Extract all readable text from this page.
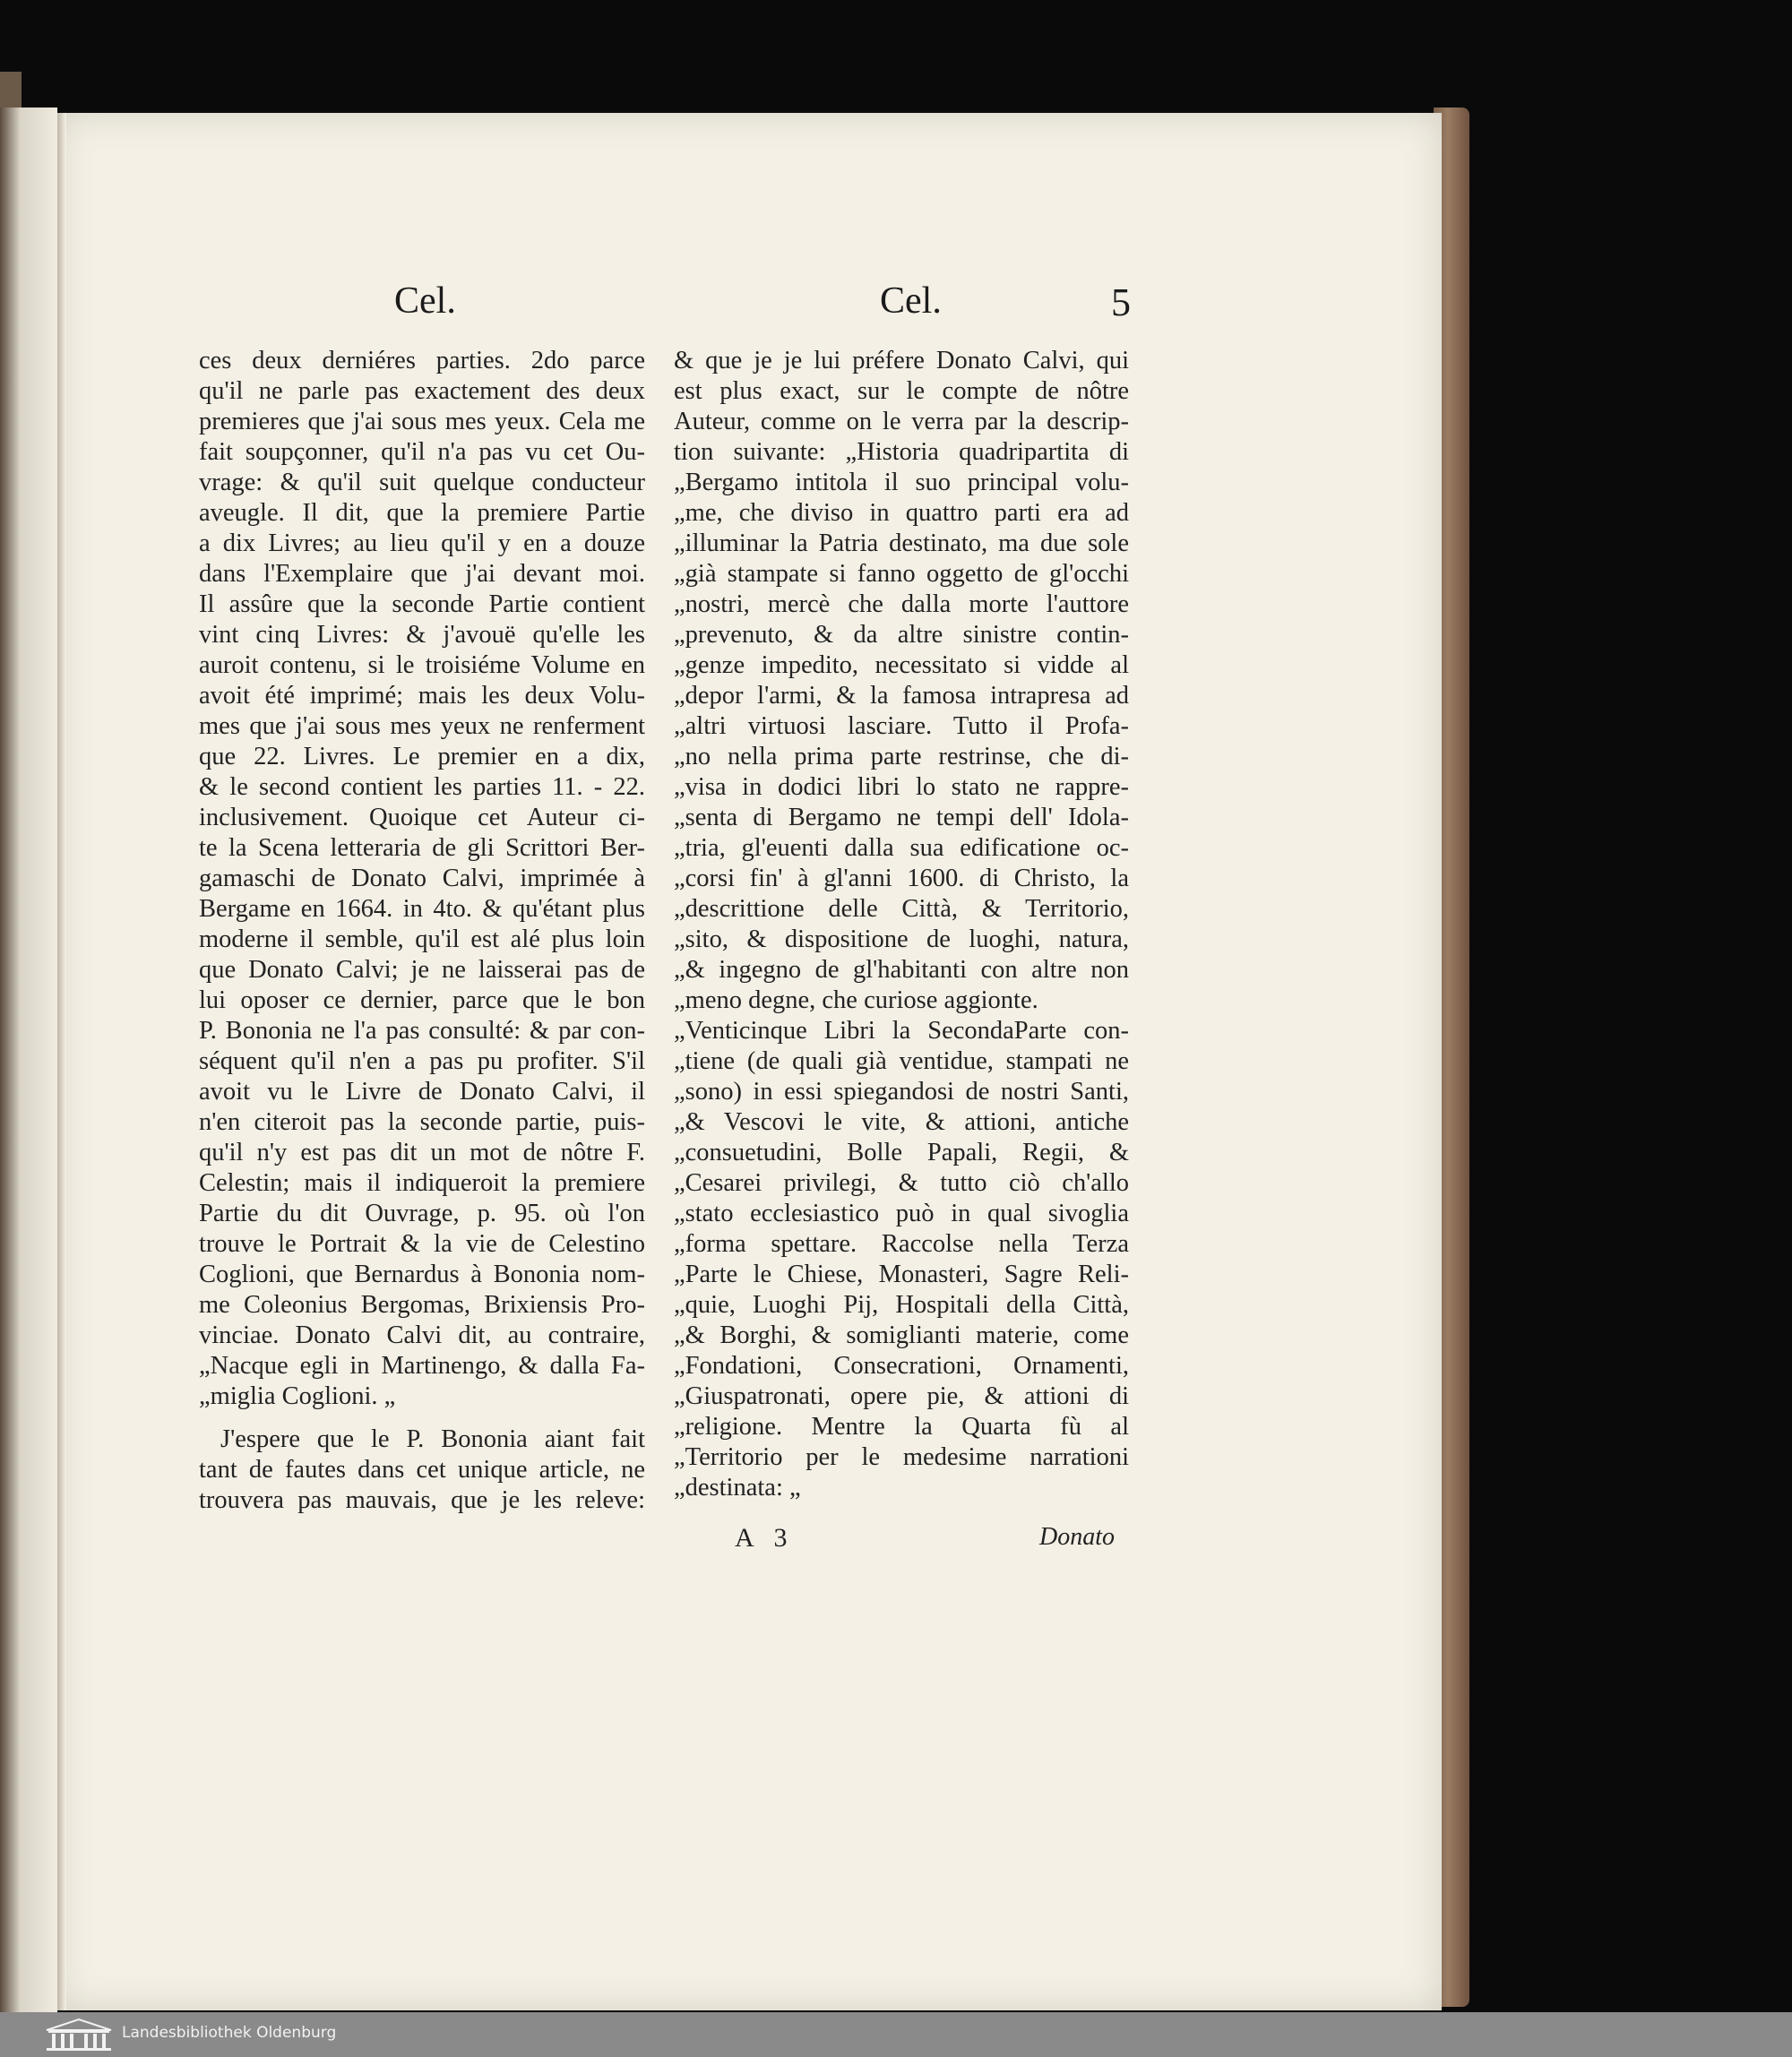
Cel.	Cel.	5
ces deux derniéres parties. 2do parce
qu'il ne parle pas exactement des deux
premieres que j'ai sous mes yeux. Cela me
fait soupçonner, qu'il n'a pas vu cet Ou-
vrage: & qu'il suit quelque conducteur
aveugle. Il dit, que la premiere Partie
a dix Livres; au lieu qu'il y en a douze
dans l'Exemplaire que j'ai devant moi.
Il assûre que la seconde Partie contient
vint cinq Livres: & j'avouë qu'elle les
auroit contenu, si le troisiéme Volume en
avoit été imprimé; mais les deux Volu-
mes que j'ai sous mes yeux ne renferment
que 22. Livres. Le premier en a dix,
& le second contient les parties 11. - 22.
inclusivement. Quoique cet Auteur ci-
te la Scena letteraria de gli Scrittori Ber-
gamaschi de Donato Calvi, imprimée à
Bergame en 1664. in 4to. & qu'étant plus
moderne il semble, qu'il est alé plus loin
que Donato Calvi; je ne laisserai pas de
lui oposer ce dernier, parce que le bon
P. Bononia ne l'a pas consulté: & par con-
séquent qu'il n'en a pas pu profiter. S'il
avoit vu le Livre de Donato Calvi, il
n'en citeroit pas la seconde partie, puis-
qu'il n'y est pas dit un mot de nôtre F.
Celestin; mais il indiqueroit la premiere
Partie du dit Ouvrage, p. 95. où l'on
trouve le Portrait & la vie de Celestino
Coglioni, que Bernardus à Bononia nom-
me Coleonius Bergomas, Brixiensis Pro-
vinciae. Donato Calvi dit, au contraire,
„Nacque egli in Martinengo, & dalla Fa-
„miglia Coglioni. „
J'espere que le P. Bononia aiant fait
tant de fautes dans cet unique article, ne
trouvera pas mauvais, que je les releve:
& que je je lui préfere Donato Calvi, qui
est plus exact, sur le compte de nôtre
Auteur, comme on le verra par la descrip-
tion suivante: „Historia quadripartita di
„Bergamo intitola il suo principal volu-
„me, che diviso in quattro parti era ad
„illuminar la Patria destinato, ma due sole
„già stampate si fanno oggetto de gl'occhi
„nostri, mercè che dalla morte l'auttore
„prevenuto, & da altre sinistre contin-
„genze impedito, necessitato si vidde al
„depor l'armi, & la famosa intrapresa ad
„altri virtuosi lasciare. Tutto il Profa-
„no nella prima parte restrinse, che di-
„visa in dodici libri lo stato ne rappre-
„senta di Bergamo ne tempi dell' Idola-
„tria, gl'euenti dalla sua edificatione oc-
„corsi fin' à gl'anni 1600. di Christo, la
„descrittione delle Città, & Territorio,
„sito, & dispositione de luoghi, natura,
„& ingegno de gl'habitanti con altre non
„meno degne, che curiose aggionte.
„Venticinque Libri la SecondaParte con-
„tiene (de quali già ventidue, stampati ne
„sono) in essi spiegandosi de nostri Santi,
„& Vescovi le vite, & attioni, antiche
„consuetudini, Bolle Papali, Regii, &
„Cesarei privilegi, & tutto ciò ch'allo
„stato ecclesiastico può in qual sivoglia
„forma spettare. Raccolse nella Terza
„Parte le Chiese, Monasteri, Sagre Reli-
„quie, Luoghi Pij, Hospitali della Città,
„& Borghi, & somiglianti materie, come
„Fondationi, Consecrationi, Ornamenti,
„Giuspatronati, opere pie, & attioni di
„religione. Mentre la Quarta fù al
„Territorio per le medesime narrationi
„destinata: „
A 3	Donato
Landesbibliothek Oldenburg
